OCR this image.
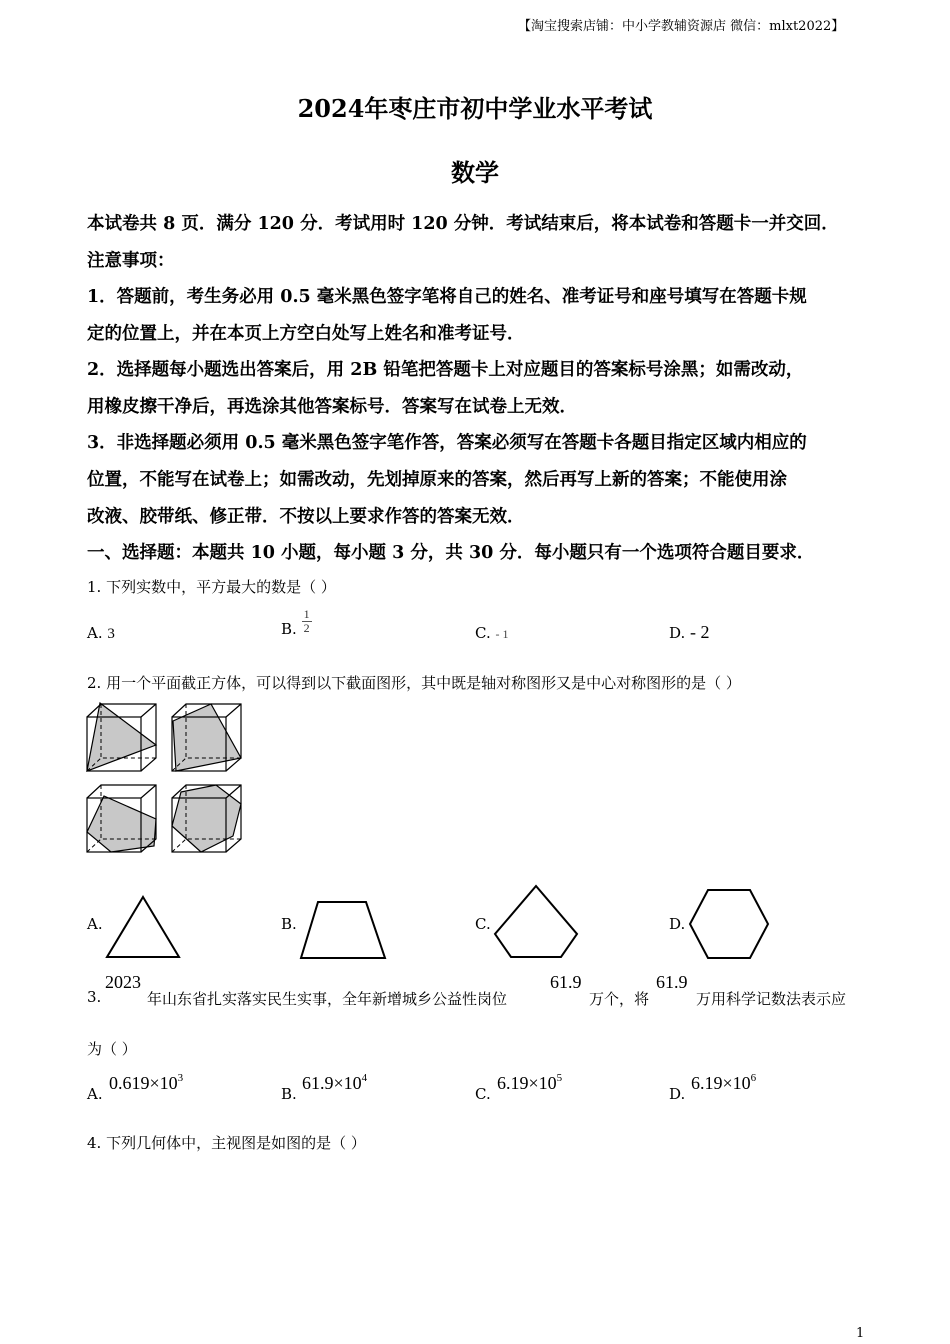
【淘宝搜索店铺：中小学教辅资源店 微信：mlxt2022】
2024年枣庄市初中学业水平考试
数学
本试卷共 8 页．满分 120 分．考试用时 120 分钟．考试结束后，将本试卷和答题卡一并交回．
注意事项：
1．答题前，考生务必用 0.5 毫米黑色签字笔将自己的姓名、准考证号和座号填写在答题卡规
定的位置上，并在本页上方空白处写上姓名和准考证号．
2．选择题每小题选出答案后，用 2B 铅笔把答题卡上对应题目的答案标号涂黑；如需改动，
用橡皮擦干净后，再选涂其他答案标号．答案写在试卷上无效．
3．非选择题必须用 0.5 毫米黑色签字笔作答，答案必须写在答题卡各题目指定区域内相应的
位置，不能写在试卷上；如需改动，先划掉原来的答案，然后再写上新的答案；不能使用涂
改液、胶带纸、修正带．不按以上要求作答的答案无效．
一、选择题：本题共 10 小题，每小题 3 分，共 30 分．每小题只有一个选项符合题目要求．
1. 下列实数中，平方最大的数是（ ）
A. 3	B. $\frac{1}{2}$	C. - 1	D. - 2
2. 用一个平面截正方体，可以得到以下截面图形，其中既是轴对称图形又是中心对称图形的是（ ）
A.	B.	C.	D.
3.
2023
年山东省扎实落实民生实事，全年新增城乡公益性岗位
61.9
万个，将
61.9
万用科学记数法表示应
为（ ）
A.
$0.619\times 10^3$
B.
$61.9\times 10^4$
C.
$6.19\times 10^5$
D.
$6.19\times 10^6$
4. 下列几何体中，主视图是如图的是（ ）
1
